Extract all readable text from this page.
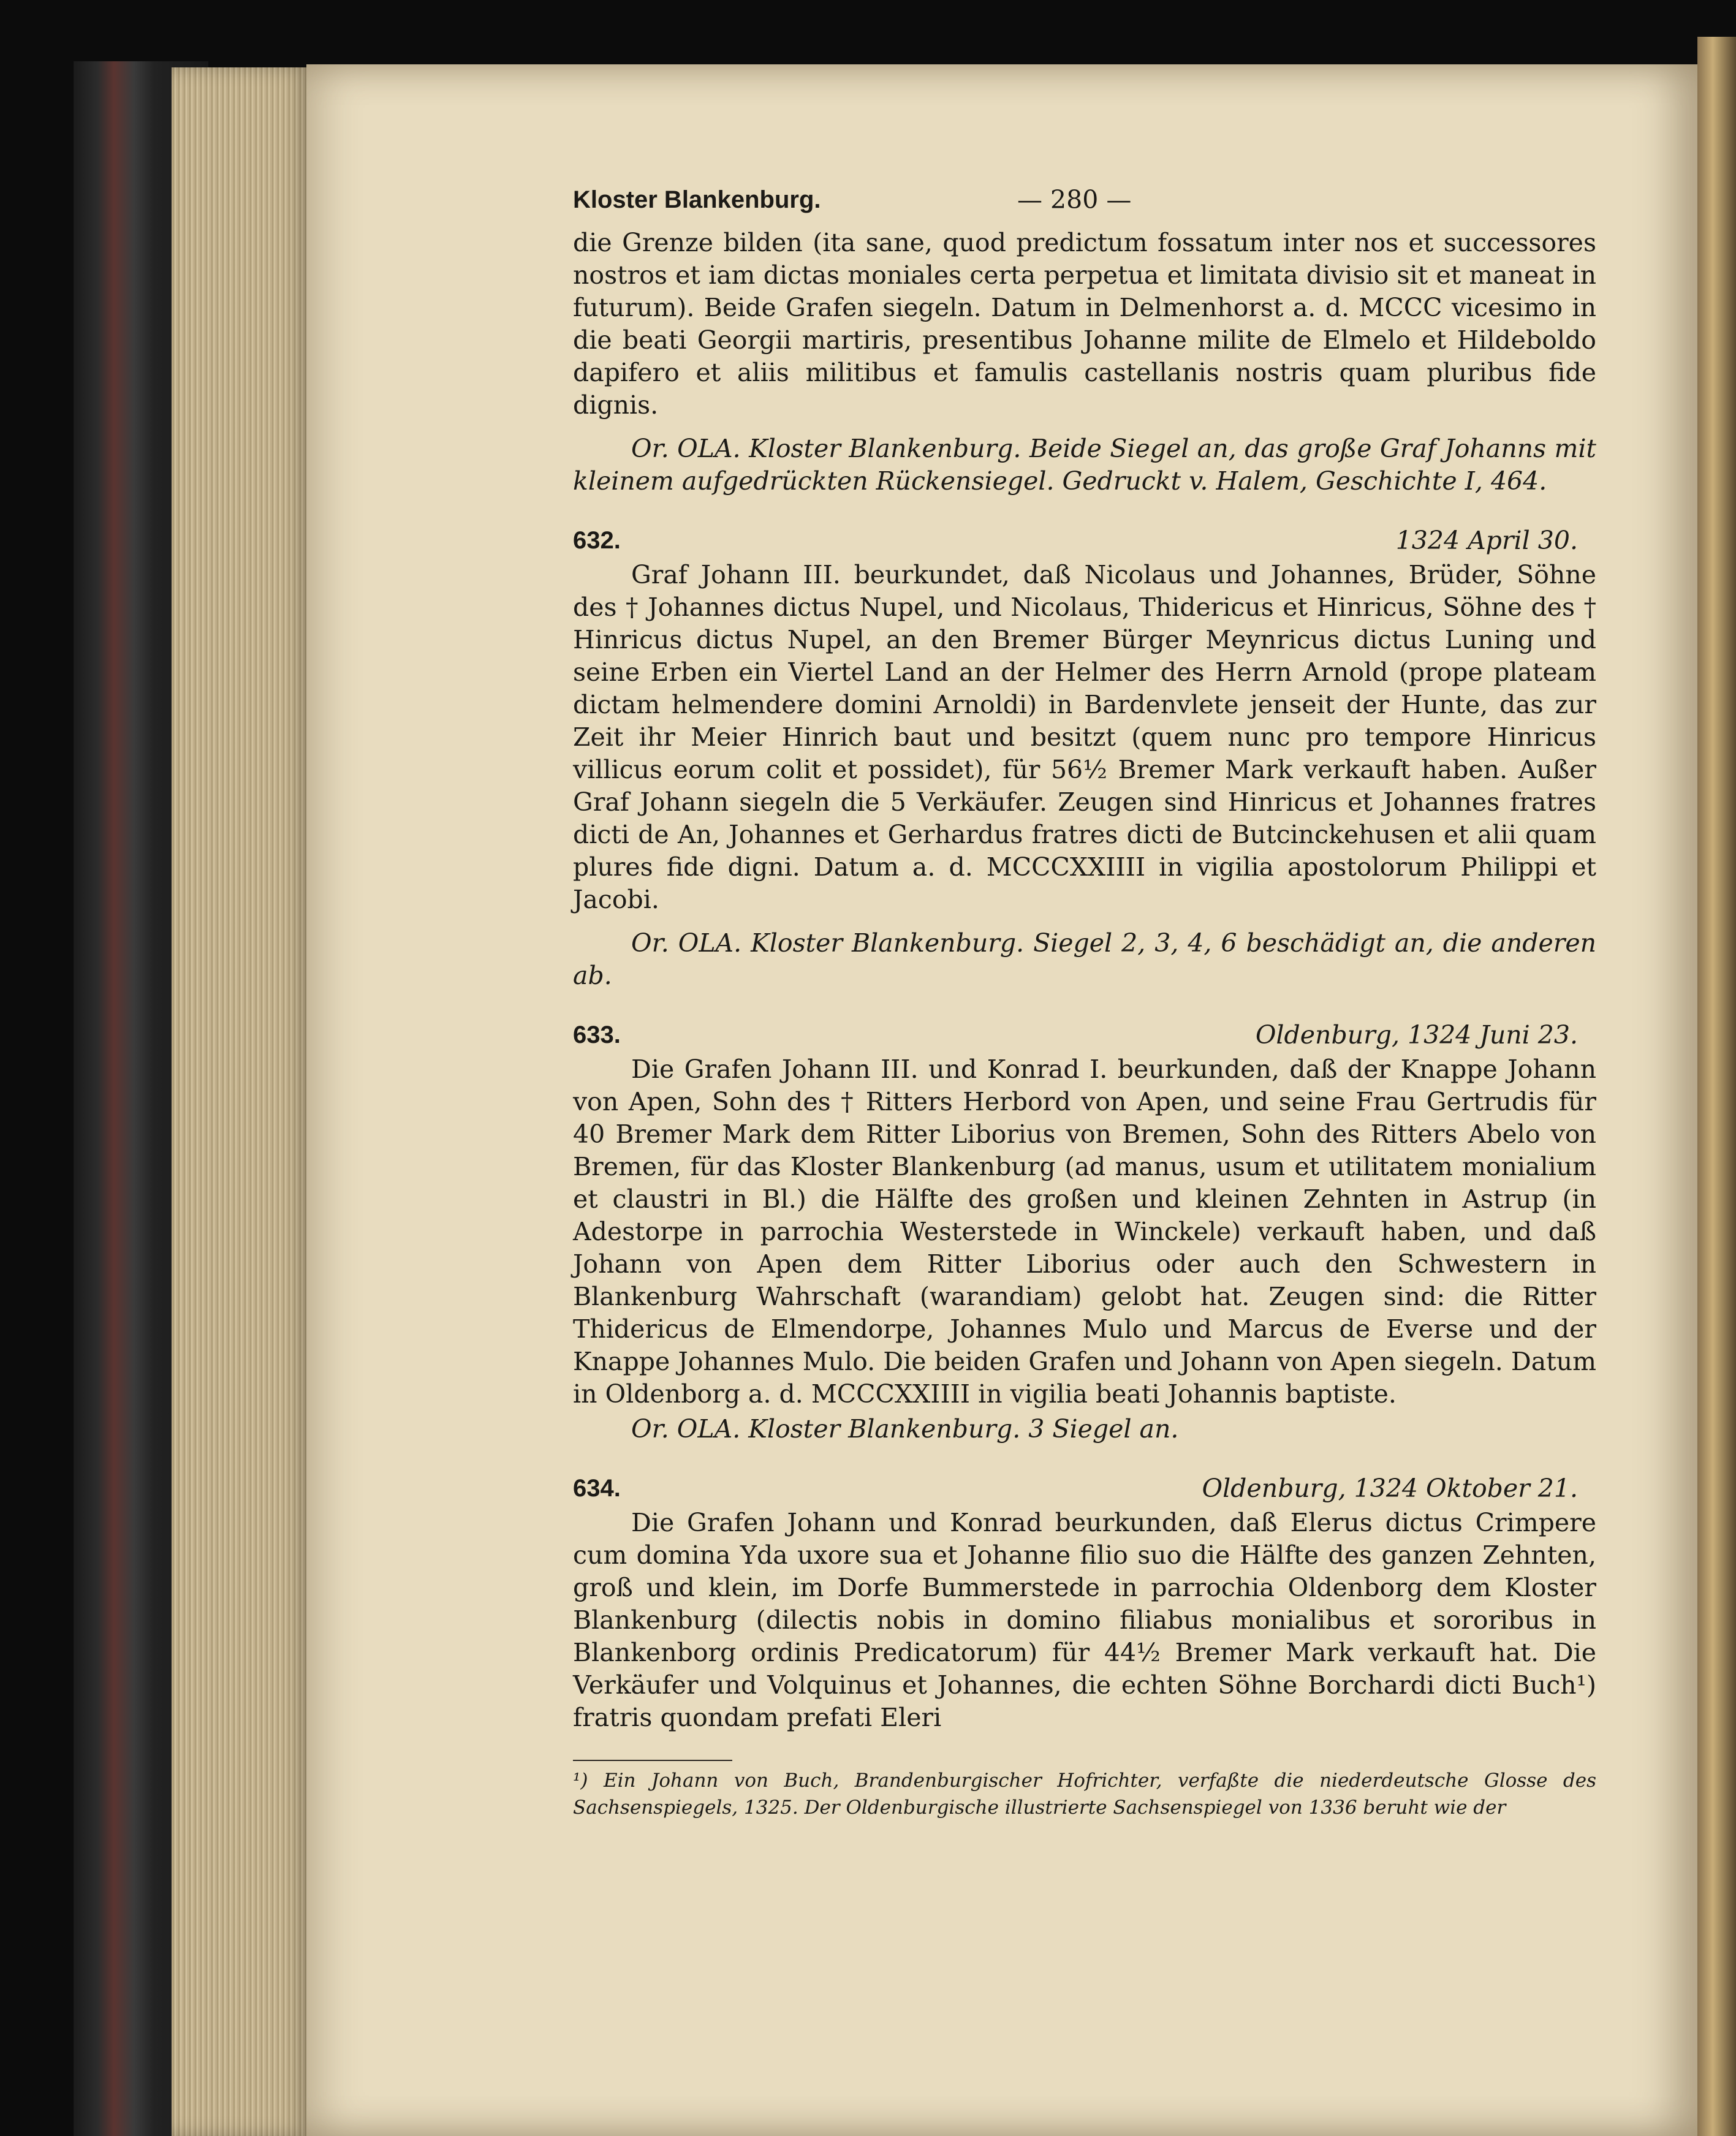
Kloster Blankenburg.	— 280 —

die Grenze bilden (ita sane, quod predictum fossatum inter nos et successores nostros et iam dictas moniales certa perpetua et limitata divisio sit et maneat in futurum). Beide Grafen siegeln. Datum in Delmenhorst a. d. MCCC vicesimo in die beati Georgii martiris, presentibus Johanne milite de Elmelo et Hildeboldo dapifero et aliis militibus et famulis castellanis nostris quam pluribus fide dignis.

Or. OLA. Kloster Blankenburg. Beide Siegel an, das große Graf Johanns mit kleinem aufgedrückten Rückensiegel. Gedruckt v. Halem, Geschichte I, 464.

632.	1324 April 30.

Graf Johann III. beurkundet, daß Nicolaus und Johannes, Brüder, Söhne des † Johannes dictus Nupel, und Nicolaus, Thidericus et Hinricus, Söhne des † Hinricus dictus Nupel, an den Bremer Bürger Meynricus dictus Luning und seine Erben ein Viertel Land an der Helmer des Herrn Arnold (prope plateam dictam helmendere domini Arnoldi) in Bardenvlete jenseit der Hunte, das zur Zeit ihr Meier Hinrich baut und besitzt (quem nunc pro tempore Hinricus villicus eorum colit et possidet), für 56½ Bremer Mark verkauft haben. Außer Graf Johann siegeln die 5 Verkäufer. Zeugen sind Hinricus et Johannes fratres dicti de An, Johannes et Gerhardus fratres dicti de Butcinckehusen et alii quam plures fide digni. Datum a. d. MCCCXXIIII in vigilia apostolorum Philippi et Jacobi.

Or. OLA. Kloster Blankenburg. Siegel 2, 3, 4, 6 beschädigt an, die anderen ab.

633.	Oldenburg, 1324 Juni 23.

Die Grafen Johann III. und Konrad I. beurkunden, daß der Knappe Johann von Apen, Sohn des † Ritters Herbord von Apen, und seine Frau Gertrudis für 40 Bremer Mark dem Ritter Liborius von Bremen, Sohn des Ritters Abelo von Bremen, für das Kloster Blankenburg (ad manus, usum et utilitatem monialium et claustri in Bl.) die Hälfte des großen und kleinen Zehnten in Astrup (in Adestorpe in parrochia Westerstede in Winckele) verkauft haben, und daß Johann von Apen dem Ritter Liborius oder auch den Schwestern in Blankenburg Wahrschaft (warandiam) gelobt hat. Zeugen sind: die Ritter Thidericus de Elmendorpe, Johannes Mulo und Marcus de Everse und der Knappe Johannes Mulo. Die beiden Grafen und Johann von Apen siegeln. Datum in Oldenborg a. d. MCCCXXIIII in vigilia beati Johannis baptiste.

Or. OLA. Kloster Blankenburg. 3 Siegel an.

634.	Oldenburg, 1324 Oktober 21.

Die Grafen Johann und Konrad beurkunden, daß Elerus dictus Crimpere cum domina Yda uxore sua et Johanne filio suo die Hälfte des ganzen Zehnten, groß und klein, im Dorfe Bummerstede in parrochia Oldenborg dem Kloster Blankenburg (dilectis nobis in domino filiabus monialibus et sororibus in Blankenborg ordinis Predicatorum) für 44½ Bremer Mark verkauft hat. Die Verkäufer und Volquinus et Johannes, die echten Söhne Borchardi dicti Buch¹) fratris quondam prefati Eleri

¹) Ein Johann von Buch, Brandenburgischer Hofrichter, verfaßte die niederdeutsche Glosse des Sachsenspiegels, 1325. Der Oldenburgische illustrierte Sachsenspiegel von 1336 beruht wie der
